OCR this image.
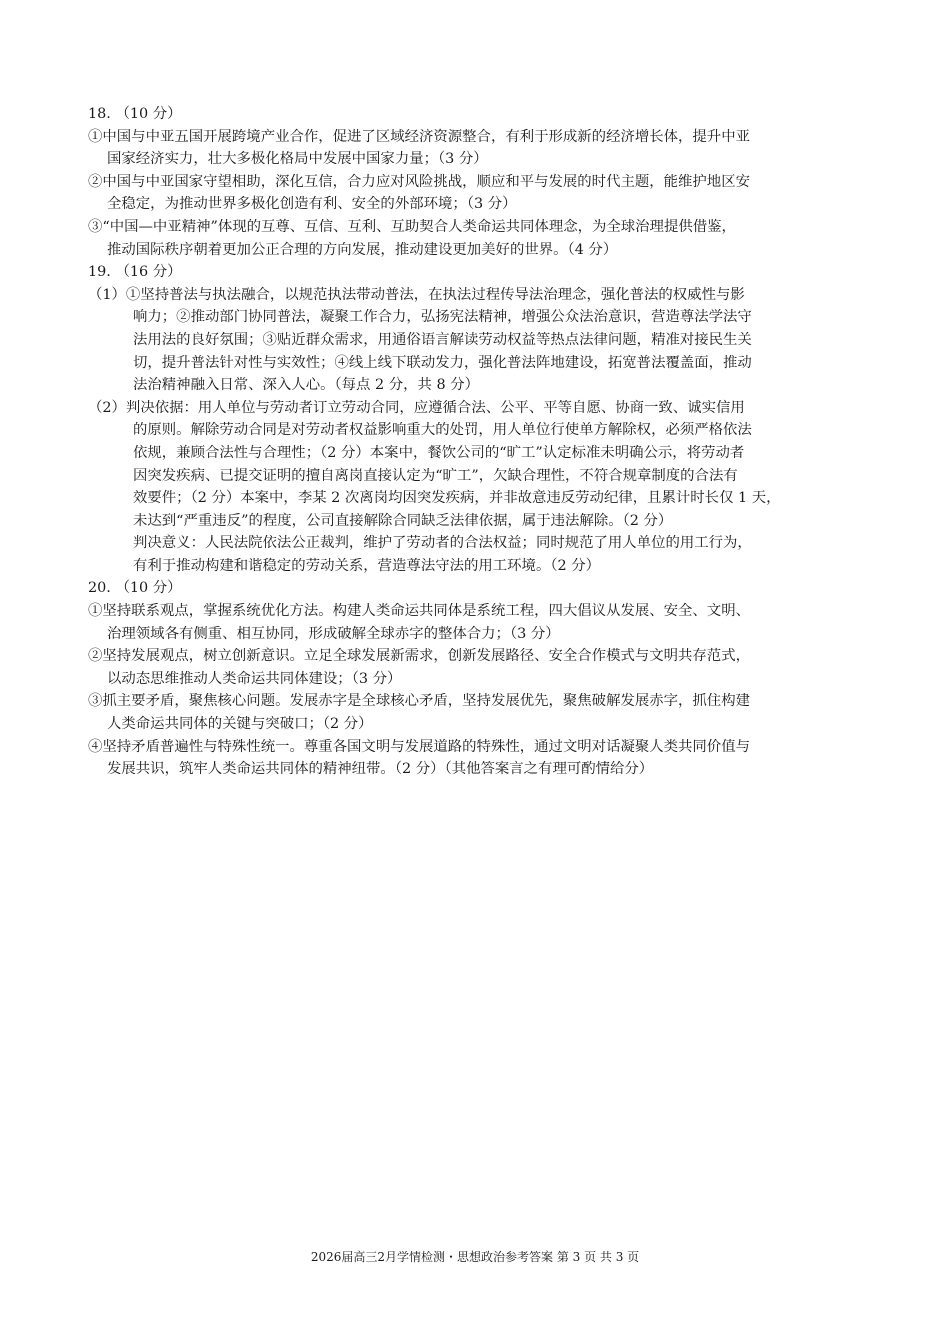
18. （10 分）
①中国与中亚五国开展跨境产业合作，促进了区域经济资源整合，有利于形成新的经济增长体，提升中亚
国家经济实力，壮大多极化格局中发展中国家力量；（3 分）
②中国与中亚国家守望相助，深化互信，合力应对风险挑战，顺应和平与发展的时代主题，能维护地区安
全稳定，为推动世界多极化创造有利、安全的外部环境；（3 分）
③“中国—中亚精神”体现的互尊、互信、互利、互助契合人类命运共同体理念，为全球治理提供借鉴，
推动国际秩序朝着更加公正合理的方向发展，推动建设更加美好的世界。（4 分）
19. （16 分）
（1）①坚持普法与执法融合，以规范执法带动普法，在执法过程传导法治理念，强化普法的权威性与影
响力；②推动部门协同普法，凝聚工作合力，弘扬宪法精神，增强公众法治意识，营造尊法学法守
法用法的良好氛围；③贴近群众需求，用通俗语言解读劳动权益等热点法律问题，精准对接民生关
切，提升普法针对性与实效性；④线上线下联动发力，强化普法阵地建设，拓宽普法覆盖面，推动
法治精神融入日常、深入人心。（每点 2 分，共 8 分）
（2）判决依据：用人单位与劳动者订立劳动合同，应遵循合法、公平、平等自愿、协商一致、诚实信用
的原则。解除劳动合同是对劳动者权益影响重大的处罚，用人单位行使单方解除权，必须严格依法
依规，兼顾合法性与合理性；（2 分）本案中，餐饮公司的“旷工”认定标准未明确公示，将劳动者
因突发疾病、已提交证明的擅自离岗直接认定为“旷工”，欠缺合理性，不符合规章制度的合法有
效要件；（2 分）本案中，李某 2 次离岗均因突发疾病，并非故意违反劳动纪律，且累计时长仅 1 天，
未达到“严重违反”的程度，公司直接解除合同缺乏法律依据，属于违法解除。（2 分）
判决意义：人民法院依法公正裁判，维护了劳动者的合法权益；同时规范了用人单位的用工行为，
有利于推动构建和谐稳定的劳动关系，营造尊法守法的用工环境。（2 分）
20. （10 分）
①坚持联系观点，掌握系统优化方法。构建人类命运共同体是系统工程，四大倡议从发展、安全、文明、
治理领域各有侧重、相互协同，形成破解全球赤字的整体合力；（3 分）
②坚持发展观点，树立创新意识。立足全球发展新需求，创新发展路径、安全合作模式与文明共存范式，
以动态思维推动人类命运共同体建设；（3 分）
③抓主要矛盾，聚焦核心问题。发展赤字是全球核心矛盾，坚持发展优先，聚焦破解发展赤字，抓住构建
人类命运共同体的关键与突破口；（2 分）
④坚持矛盾普遍性与特殊性统一。尊重各国文明与发展道路的特殊性，通过文明对话凝聚人类共同价值与
发展共识，筑牢人类命运共同体的精神纽带。（2 分）（其他答案言之有理可酌情给分）
2026届高三2月学情检测・思想政治参考答案 第 3 页 共 3 页
